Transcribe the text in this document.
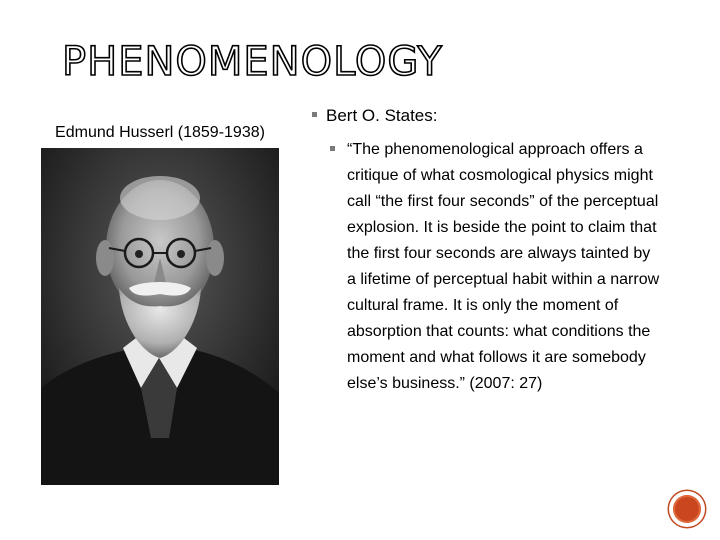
PHENOMENOLOGY
Edmund Husserl (1859-1938)
Bert O. States:
“The phenomenological approach offers a critique of what cosmological physics might call “the first four seconds” of the perceptual explosion. It is beside the point to claim that the first four seconds are always tainted by a lifetime of perceptual habit within a narrow cultural frame. It is only the moment of absorption that counts: what conditions the moment and what follows it are somebody else’s business.” (2007: 27)
